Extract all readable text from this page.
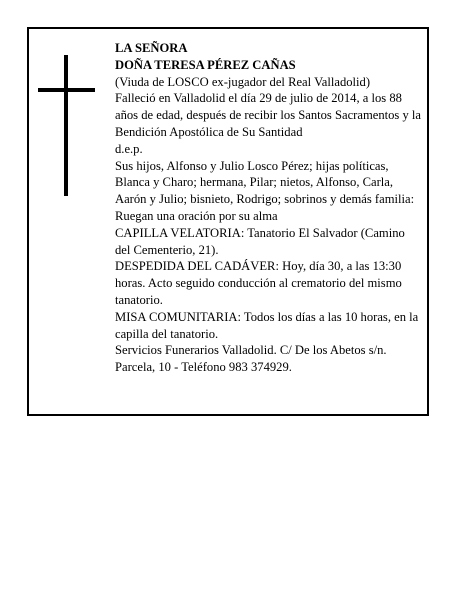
LA SEÑORA

DOÑA TERESA PÉREZ CAÑAS

(Viuda de LOSCO ex-jugador del Real Valladolid)

Falleció en Valladolid el día 29 de julio de 2014, a los 88 años de edad, después de recibir los Santos Sacramentos y la Bendición Apostólica de Su Santidad

d.e.p.

Sus hijos, Alfonso y Julio Losco Pérez; hijas políticas, Blanca y Charo; hermana, Pilar; nietos, Alfonso, Carla, Aarón y Julio; bisnieto, Rodrigo; sobrinos y demás familia:

Ruegan una oración por su alma

CAPILLA VELATORIA: Tanatorio El Salvador (Camino del Cementerio, 21).

DESPEDIDA DEL CADÁVER: Hoy, día 30, a las 13:30 horas. Acto seguido conducción al crematorio del mismo tanatorio.

MISA COMUNITARIA: Todos los días a las 10 horas, en la capilla del tanatorio.

Servicios Funerarios Valladolid. C/ De los Abetos s/n. Parcela, 10 - Teléfono 983 374929.
